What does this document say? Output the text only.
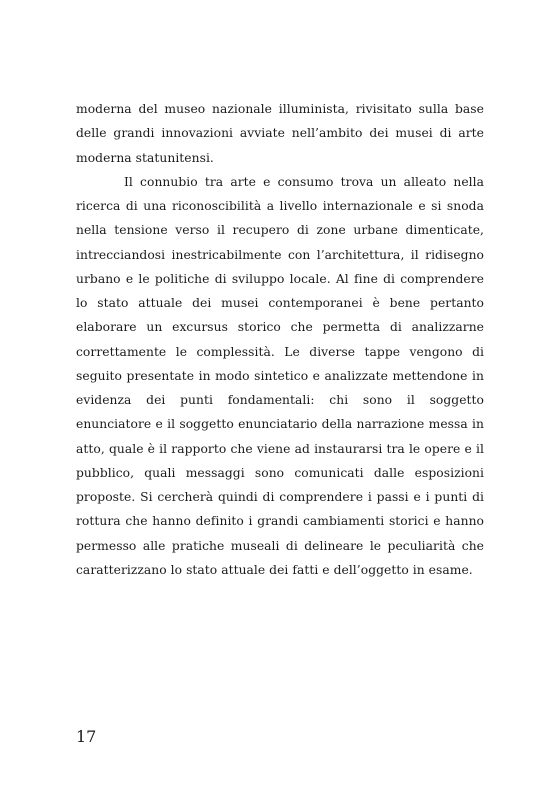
moderna del museo nazionale illuminista, rivisitato sulla base delle grandi innovazioni avviate nell’ambito dei musei di arte moderna statunitensi.

Il connubio tra arte e consumo trova un alleato nella ricerca di una riconoscibilità a livello internazionale e si snoda nella tensione verso il recupero di zone urbane dimenticate, intrecciandosi inestricabilmente con l’architettura, il ridisegno urbano e le politiche di sviluppo locale. Al fine di comprendere lo stato attuale dei musei contemporanei è bene pertanto elaborare un excursus storico che permetta di analizzarne correttamente le complessità. Le diverse tappe vengono di seguito presentate in modo sintetico e analizzate mettendone in evidenza dei punti fondamentali: chi sono il soggetto enunciatore e il soggetto enunciatario della narrazione messa in atto, quale è il rapporto che viene ad instaurarsi tra le opere e il pubblico, quali messaggi sono comunicati dalle esposizioni proposte. Si cercherà quindi di comprendere i passi e i punti di rottura che hanno definito i grandi cambiamenti storici e hanno permesso alle pratiche museali di delineare le peculiarità che caratterizzano lo stato attuale dei fatti e dell’oggetto in esame.

17
